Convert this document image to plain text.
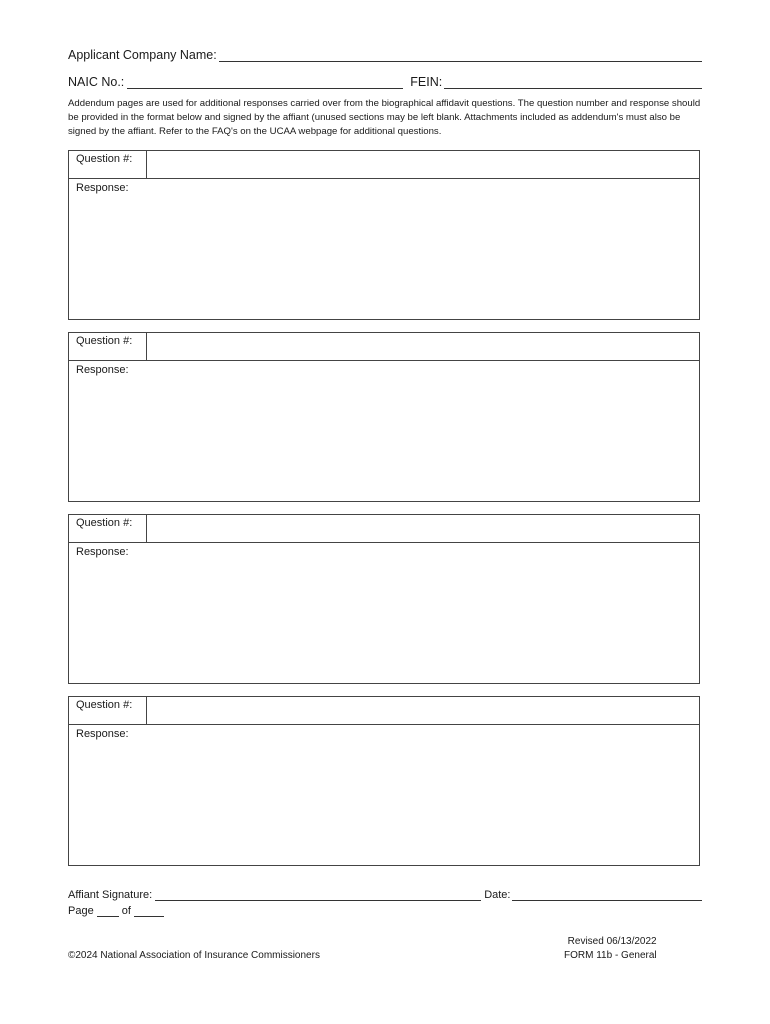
Applicant Company Name:
NAIC No.:	FEIN:

Addendum pages are used for additional responses carried over from the biographical affidavit questions. The question number and response should be provided in the format below and signed by the affiant (unused sections may be left blank. Attachments included as addendum's must also be signed by the affiant. Refer to the FAQ's on the UCAA webpage for additional questions.

Question #:
Response:
Question #:
Response:
Question #:
Response:
Question #:
Response:
Affiant Signature:	Date:
Page	of
©2024 National Association of Insurance Commissioners
Revised 06/13/2022
FORM 11b - General
